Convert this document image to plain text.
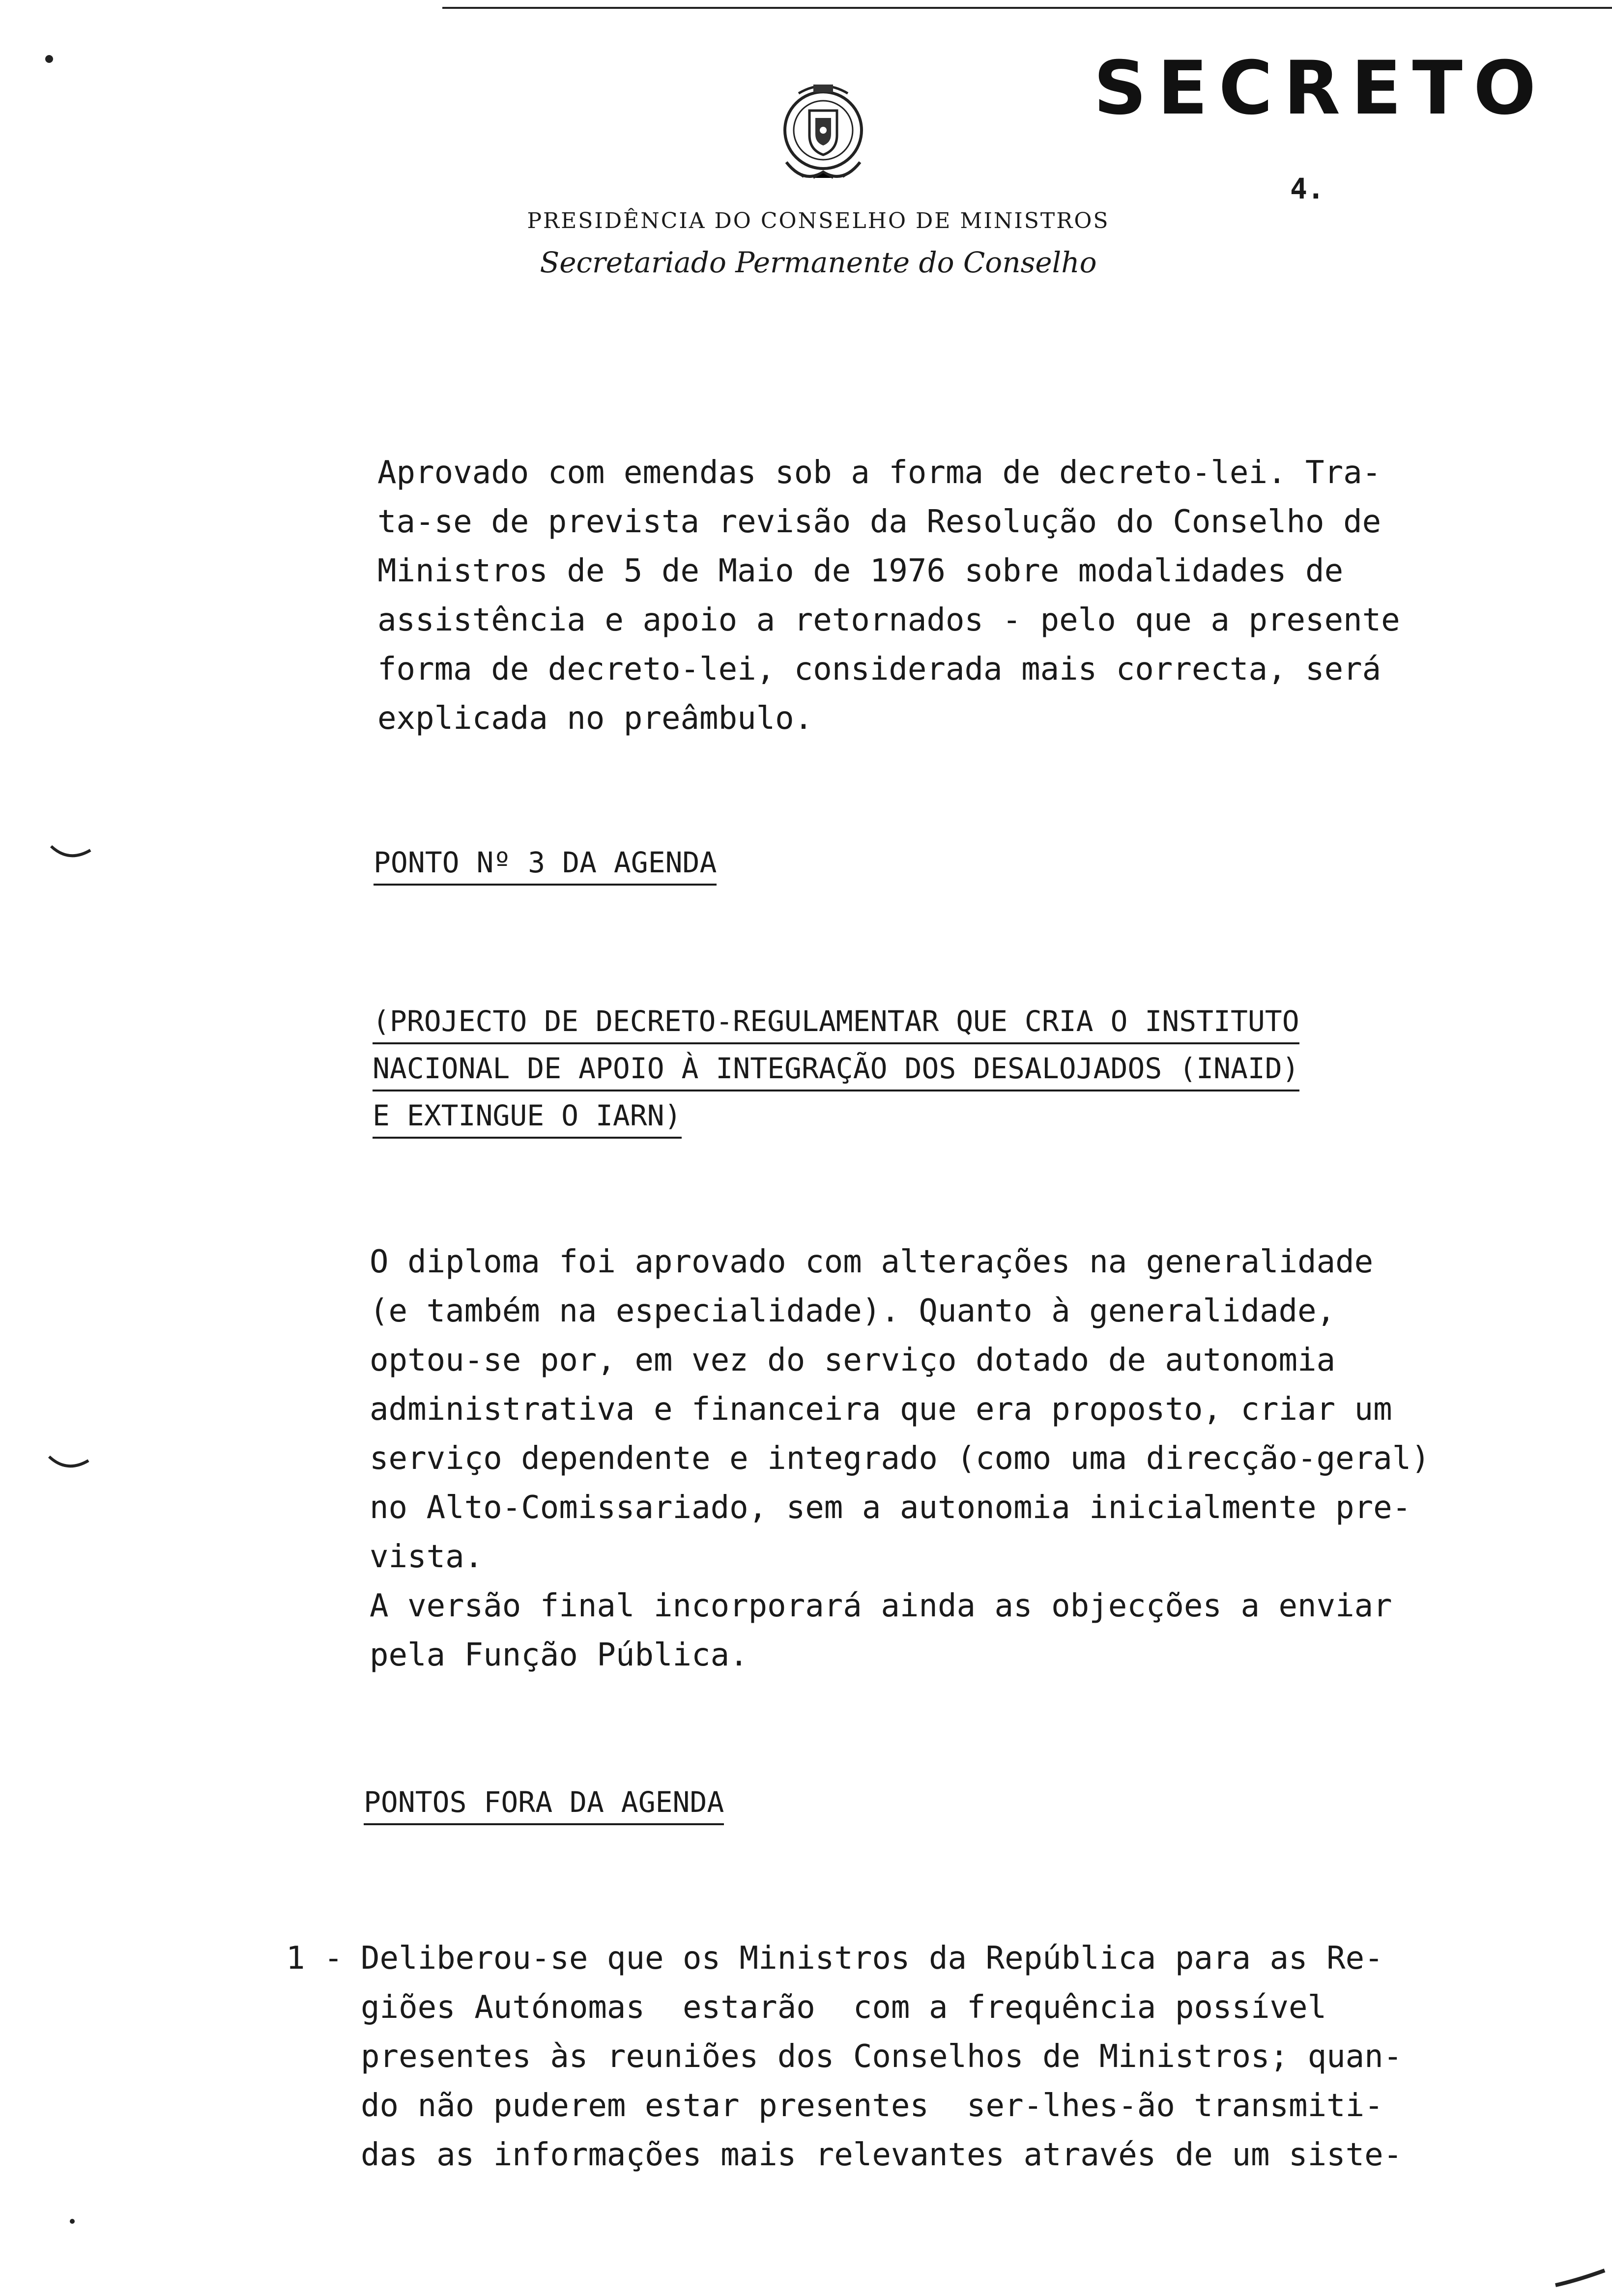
SECRETO
4.
PRESIDÊNCIA DO CONSELHO DE MINISTROS
Secretariado Permanente do Conselho
Aprovado com emendas sob a forma de decreto-lei. Tra-
ta-se de prevista revisão da Resolução do Conselho de
Ministros de 5 de Maio de 1976 sobre modalidades de
assistência e apoio a retornados - pelo que a presente
forma de decreto-lei, considerada mais correcta, será
explicada no preâmbulo.
PONTO Nº 3 DA AGENDA
(PROJECTO DE DECRETO-REGULAMENTAR QUE CRIA O INSTITUTO
NACIONAL DE APOIO À INTEGRAÇÃO DOS DESALOJADOS (INAID)
E EXTINGUE O IARN)
O diploma foi aprovado com alterações na generalidade
(e também na especialidade). Quanto à generalidade,
optou-se por, em vez do serviço dotado de autonomia
administrativa e financeira que era proposto, criar um
serviço dependente e integrado (como uma direcção-geral)
no Alto-Comissariado, sem a autonomia inicialmente pre-
vista.
A versão final incorporará ainda as objecções a enviar
pela Função Pública.
PONTOS FORA DA AGENDA
1 - Deliberou-se que os Ministros da República para as Re-
giões Autónomas  estarão  com a frequência possível
presentes às reuniões dos Conselhos de Ministros; quan-
do não puderem estar presentes  ser-lhes-ão transmiti-
das as informações mais relevantes através de um siste-
